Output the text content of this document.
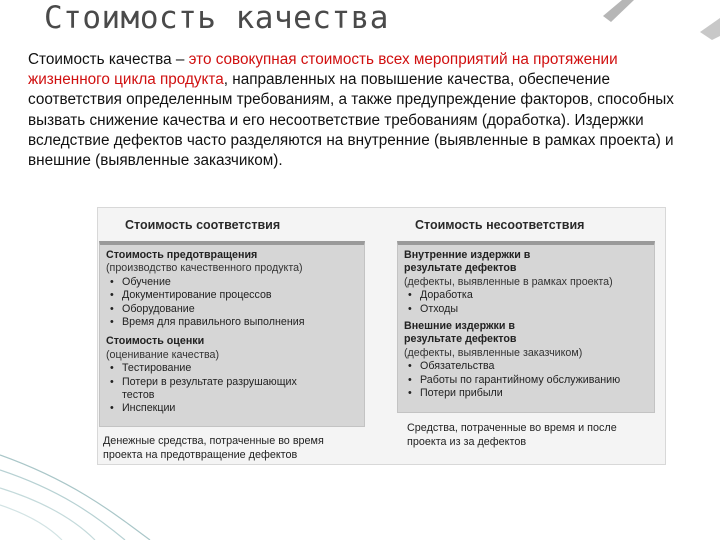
Стоимость качества
Стоимость качества – это совокупная стоимость всех мероприятий на протяжении жизненного цикла продукта, направленных на повышение качества, обеспечение соответствия определенным требованиям, а также предупреждение факторов, способных вызвать снижение качества и его несоответствие требованиям (доработка). Издержки вследствие дефектов часто разделяются на внутренние (выявленные в рамках проекта) и внешние (выявленные заказчиком).
Стоимость соответствия	Стоимость несоответствия
Стоимость предотвращения
(производство качественного продукта)
• Обучение
• Документирование процессов
• Оборудование
• Время для правильного выполнения
Стоимость оценки
(оценивание качества)
• Тестирование
• Потери в результате разрушающих
тестов
• Инспекции
Внутренние издержки в
результате дефектов
(дефекты, выявленные в рамках проекта)
• Доработка
• Отходы
Внешние издержки в
результате дефектов
(дефекты, выявленные заказчиком)
• Обязательства
• Работы по гарантийному обслуживанию
• Потери прибыли
Денежные средства, потраченные во время проекта на предотвращение дефектов
Средства, потраченные во время и после проекта из за дефектов
